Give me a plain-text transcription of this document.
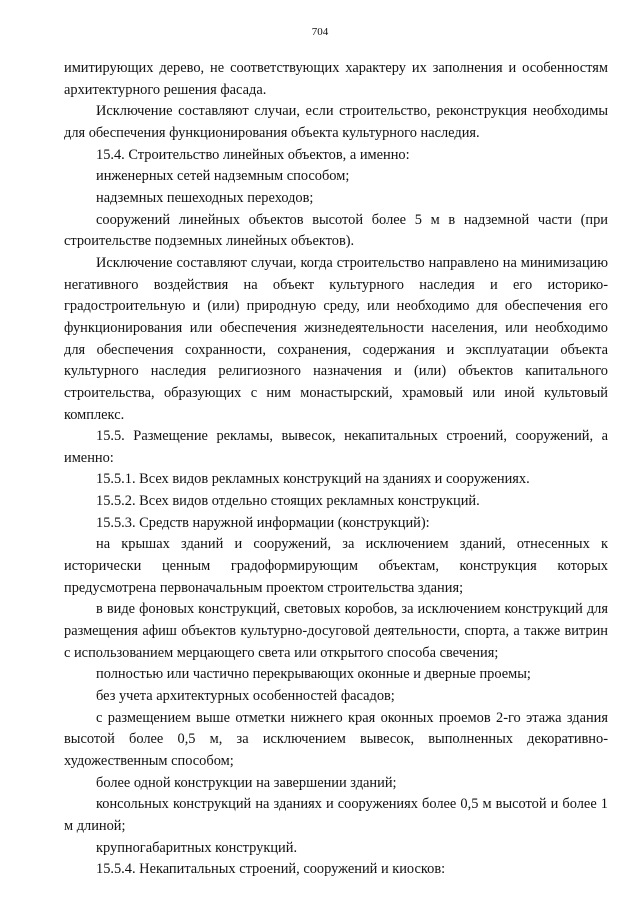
704

имитирующих дерево, не соответствующих характеру их заполнения и особенностям архитектурного решения фасада.

Исключение составляют случаи, если строительство, реконструкция необходимы для обеспечения функционирования объекта культурного наследия.

15.4. Строительство линейных объектов, а именно:

инженерных сетей надземным способом;

надземных пешеходных переходов;

сооружений линейных объектов высотой более 5 м в надземной части (при строительстве подземных линейных объектов).

Исключение составляют случаи, когда строительство направлено на минимизацию негативного воздействия на объект культурного наследия и его историко-градостроительную и (или) природную среду, или необходимо для обеспечения его функционирования или обеспечения жизнедеятельности населения, или необходимо для обеспечения сохранности, сохранения, содержания и эксплуатации объекта культурного наследия религиозного назначения и (или) объектов капитального строительства, образующих с ним монастырский, храмовый или иной культовый комплекс.

15.5. Размещение рекламы, вывесок, некапитальных строений, сооружений, а именно:

15.5.1. Всех видов рекламных конструкций на зданиях и сооружениях.

15.5.2. Всех видов отдельно стоящих рекламных конструкций.

15.5.3. Средств наружной информации (конструкций):

на крышах зданий и сооружений, за исключением зданий, отнесенных к исторически ценным градоформирующим объектам, конструкция которых предусмотрена первоначальным проектом строительства здания;

в виде фоновых конструкций, световых коробов, за исключением конструкций для размещения афиш объектов культурно-досуговой деятельности, спорта, а также витрин с использованием мерцающего света или открытого способа свечения;

полностью или частично перекрывающих оконные и дверные проемы;

без учета архитектурных особенностей фасадов;

с размещением выше отметки нижнего края оконных проемов 2-го этажа здания высотой более 0,5 м, за исключением вывесок, выполненных декоративно-художественным способом;

более одной конструкции на завершении зданий;

консольных конструкций на зданиях и сооружениях более 0,5 м высотой и более 1 м длиной;

крупногабаритных конструкций.

15.5.4. Некапитальных строений, сооружений и киосков:
